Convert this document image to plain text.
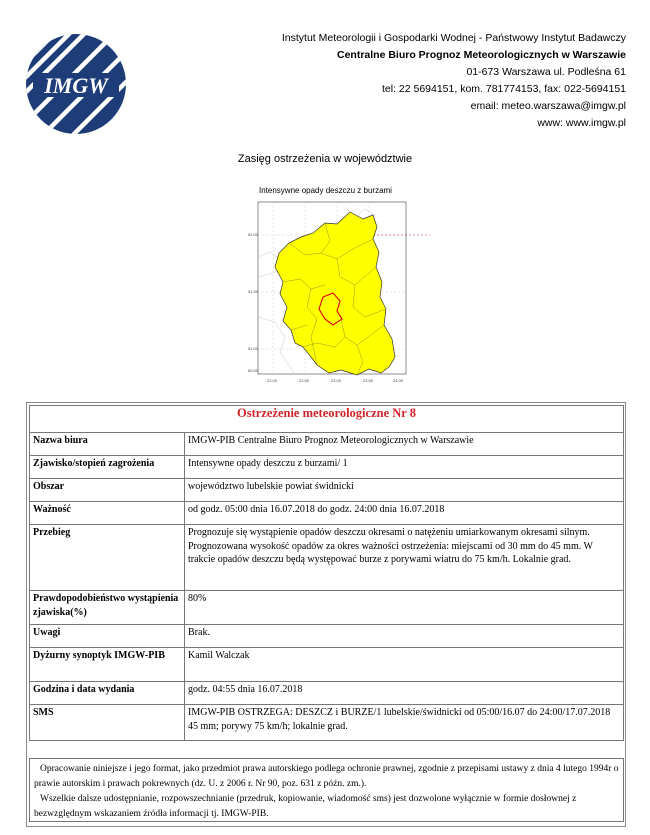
IMGW
Instytut Meteorologii i Gospodarki Wodnej - Państwowy Instytut Badawczy
Centralne Biuro Prognoz Meteorologicznych w Warszawie
01-673 Warszawa ul. Podleśna 61
tel: 22 5694151, kom. 781774153, fax: 022-5694151
email: meteo.warszawa@imgw.pl
www: www.imgw.pl
Zasięg ostrzeżenia w województwie
Intensywne opady deszczu z burzami
52.00
51.50
51.00
50.50
22.00	22.50	23.00	23.50	24.00
Ostrzeżenie meteorologiczne Nr 8	
Nazwa biura	IMGW-PIB Centralne Biuro Prognoz Meteorologicznych w Warszawie
Zjawisko/stopień zagrożenia	Intensywne opady deszczu z burzami/ 1
Obszar	województwo lubelskie powiat świdnicki
Ważność	od godz. 05:00 dnia 16.07.2018 do godz. 24:00 dnia 16.07.2018
Przebieg	Prognozuje się wystąpienie opadów deszczu okresami o natężeniu umiarkowanym okresami silnym. Prognozowana wysokość opadów za okres ważności ostrzeżenia: miejscami od 30 mm do 45 mm. W trakcie opadów deszczu będą występować burze z porywami wiatru do 75 km/h. Lokalnie grad.
Prawdopodobieństwo wystąpienia zjawiska(%)	80%
Uwagi	Brak.
Dyżurny synoptyk IMGW-PIB	Kamil Walczak
Godzina i data wydania	godz. 04:55 dnia 16.07.2018
SMS	IMGW-PIB OSTRZEGA: DESZCZ i BURZE/1 lubelskie/świdnicki od 05:00/16.07 do 24:00/17.07.2018 45 mm; porywy 75 km/h; lokalnie grad.

Opracowanie niniejsze i jego format, jako przedmiot prawa autorskiego podlega ochronie prawnej, zgodnie z przepisami ustawy z dnia 4 lutego 1994r o prawie autorskim i prawach pokrewnych (dz. U. z 2006 r. Nr 90, poz. 631 z późn. zm.).

Wszelkie dalsze udostępnianie, rozpowszechnianie (przedruk, kopiowanie, wiadomość sms) jest dozwolone wyłącznie w formie dosłownej z bezwzględnym wskazaniem źródła informacji tj. IMGW-PIB.
